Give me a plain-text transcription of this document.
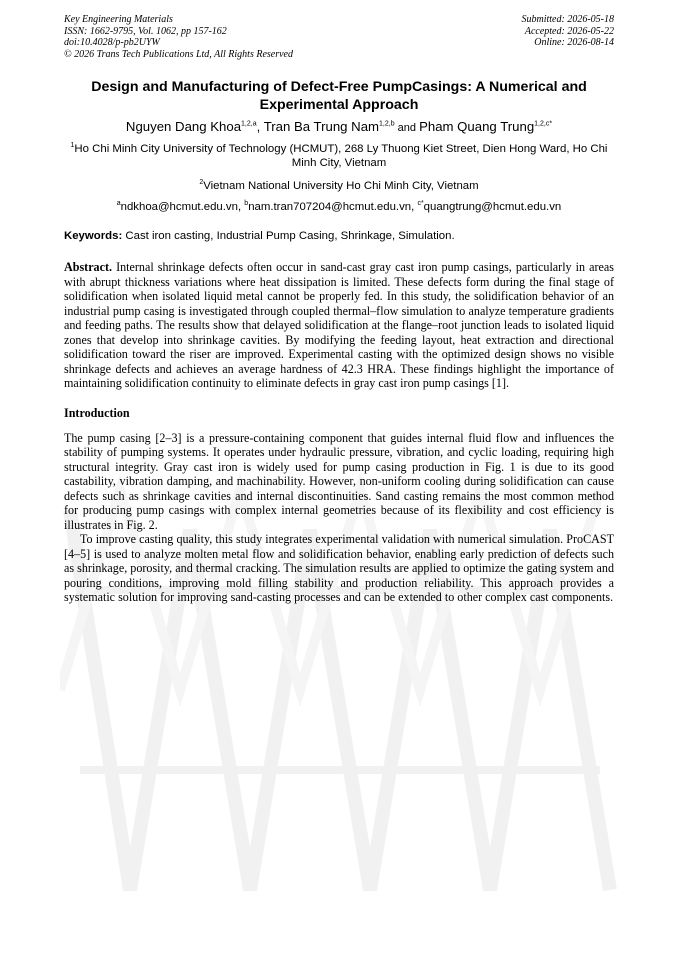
Key Engineering Materials
ISSN: 1662-9795, Vol. 1062, pp 157-162
doi:10.4028/p-pb2UYW
© 2026 Trans Tech Publications Ltd, All Rights Reserved
Submitted: 2026-05-18
Accepted: 2026-05-22
Online: 2026-08-14
Design and Manufacturing of Defect-Free PumpCasings: A Numerical and Experimental Approach
Nguyen Dang Khoa$^{1,2,a}$, Tran Ba Trung Nam$^{1,2,b}$ and Pham Quang Trung$^{1,2,c*}$
$^1$Ho Chi Minh City University of Technology (HCMUT), 268 Ly Thuong Kiet Street, Dien Hong Ward, Ho Chi Minh City, Vietnam
$^2$Vietnam National University Ho Chi Minh City, Vietnam
$^a$ndkhoa@hcmut.edu.vn, $^b$nam.tran707204@hcmut.edu.vn, $^{c*}$quangtrung@hcmut.edu.vn
Keywords: Cast iron casting, Industrial Pump Casing, Shrinkage, Simulation.
Abstract. Internal shrinkage defects often occur in sand-cast gray cast iron pump casings, particularly in areas with abrupt thickness variations where heat dissipation is limited. These defects form during the final stage of solidification when isolated liquid metal cannot be properly fed. In this study, the solidification behavior of an industrial pump casing is investigated through coupled thermal–flow simulation to analyze temperature gradients and feeding paths. The results show that delayed solidification at the flange–root junction leads to isolated liquid zones that develop into shrinkage cavities. By modifying the feeding layout, heat extraction and directional solidification toward the riser are improved. Experimental casting with the optimized design shows no visible shrinkage defects and achieves an average hardness of 42.3 HRA. These findings highlight the importance of maintaining solidification continuity to eliminate defects in gray cast iron pump casings [1].
Introduction

The pump casing [2–3] is a pressure-containing component that guides internal fluid flow and influences the stability of pumping systems. It operates under hydraulic pressure, vibration, and cyclic loading, requiring high structural integrity. Gray cast iron is widely used for pump casing production in Fig. 1 is due to its good castability, vibration damping, and machinability. However, non-uniform cooling during solidification can cause defects such as shrinkage cavities and internal discontinuities. Sand casting remains the most common method for producing pump casings with complex internal geometries because of its flexibility and cost efficiency is illustrates in Fig. 2.

To improve casting quality, this study integrates experimental validation with numerical simulation. ProCAST [4–5] is used to analyze molten metal flow and solidification behavior, enabling early prediction of defects such as shrinkage, porosity, and thermal cracking. The simulation results are applied to optimize the gating system and pouring conditions, improving mold filling stability and production reliability. This approach provides a systematic solution for improving sand-casting processes and can be extended to other complex cast components.
